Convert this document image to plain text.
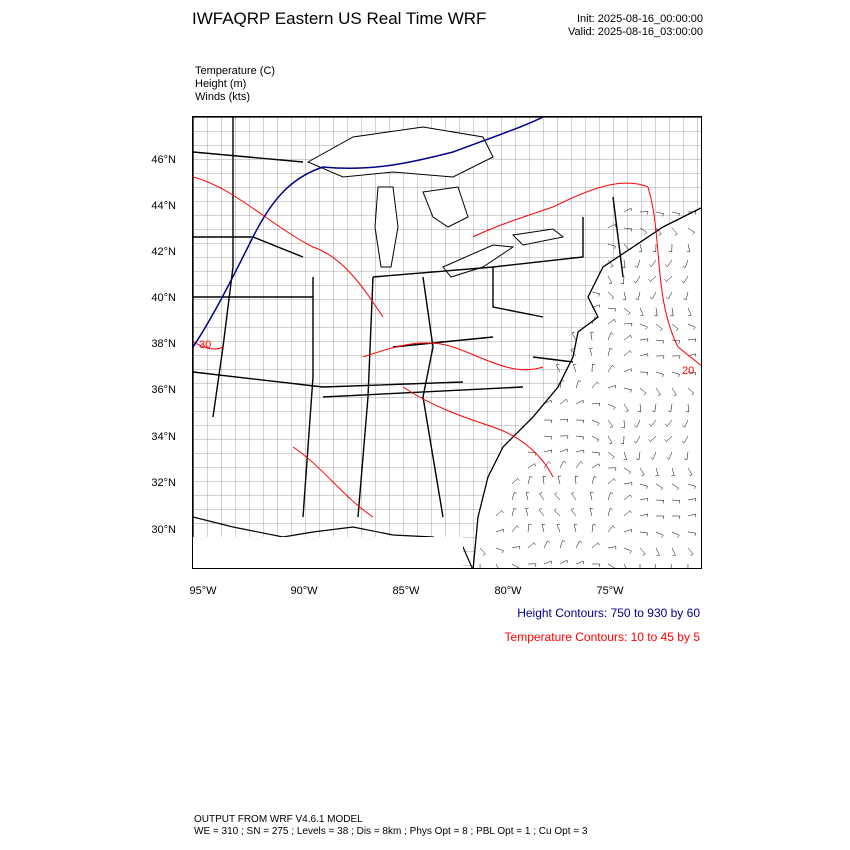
IWFAQRP Eastern US Real Time WRF	Init: 2025-08-16_00:00:00
Valid: 2025-08-16_03:00:00
Temperature (C)
Height (m)
Winds (kts)
30
20
46°N
44°N
42°N
40°N
38°N
36°N
34°N
32°N
30°N
95°W	90°W	85°W	80°W	75°W
Height Contours: 750 to 930 by 60
Temperature Contours: 10 to 45 by 5
OUTPUT FROM WRF V4.6.1 MODEL
WE = 310 ; SN = 275 ; Levels = 38 ; Dis = 8km ; Phys Opt = 8 ; PBL Opt = 1 ; Cu Opt = 3
